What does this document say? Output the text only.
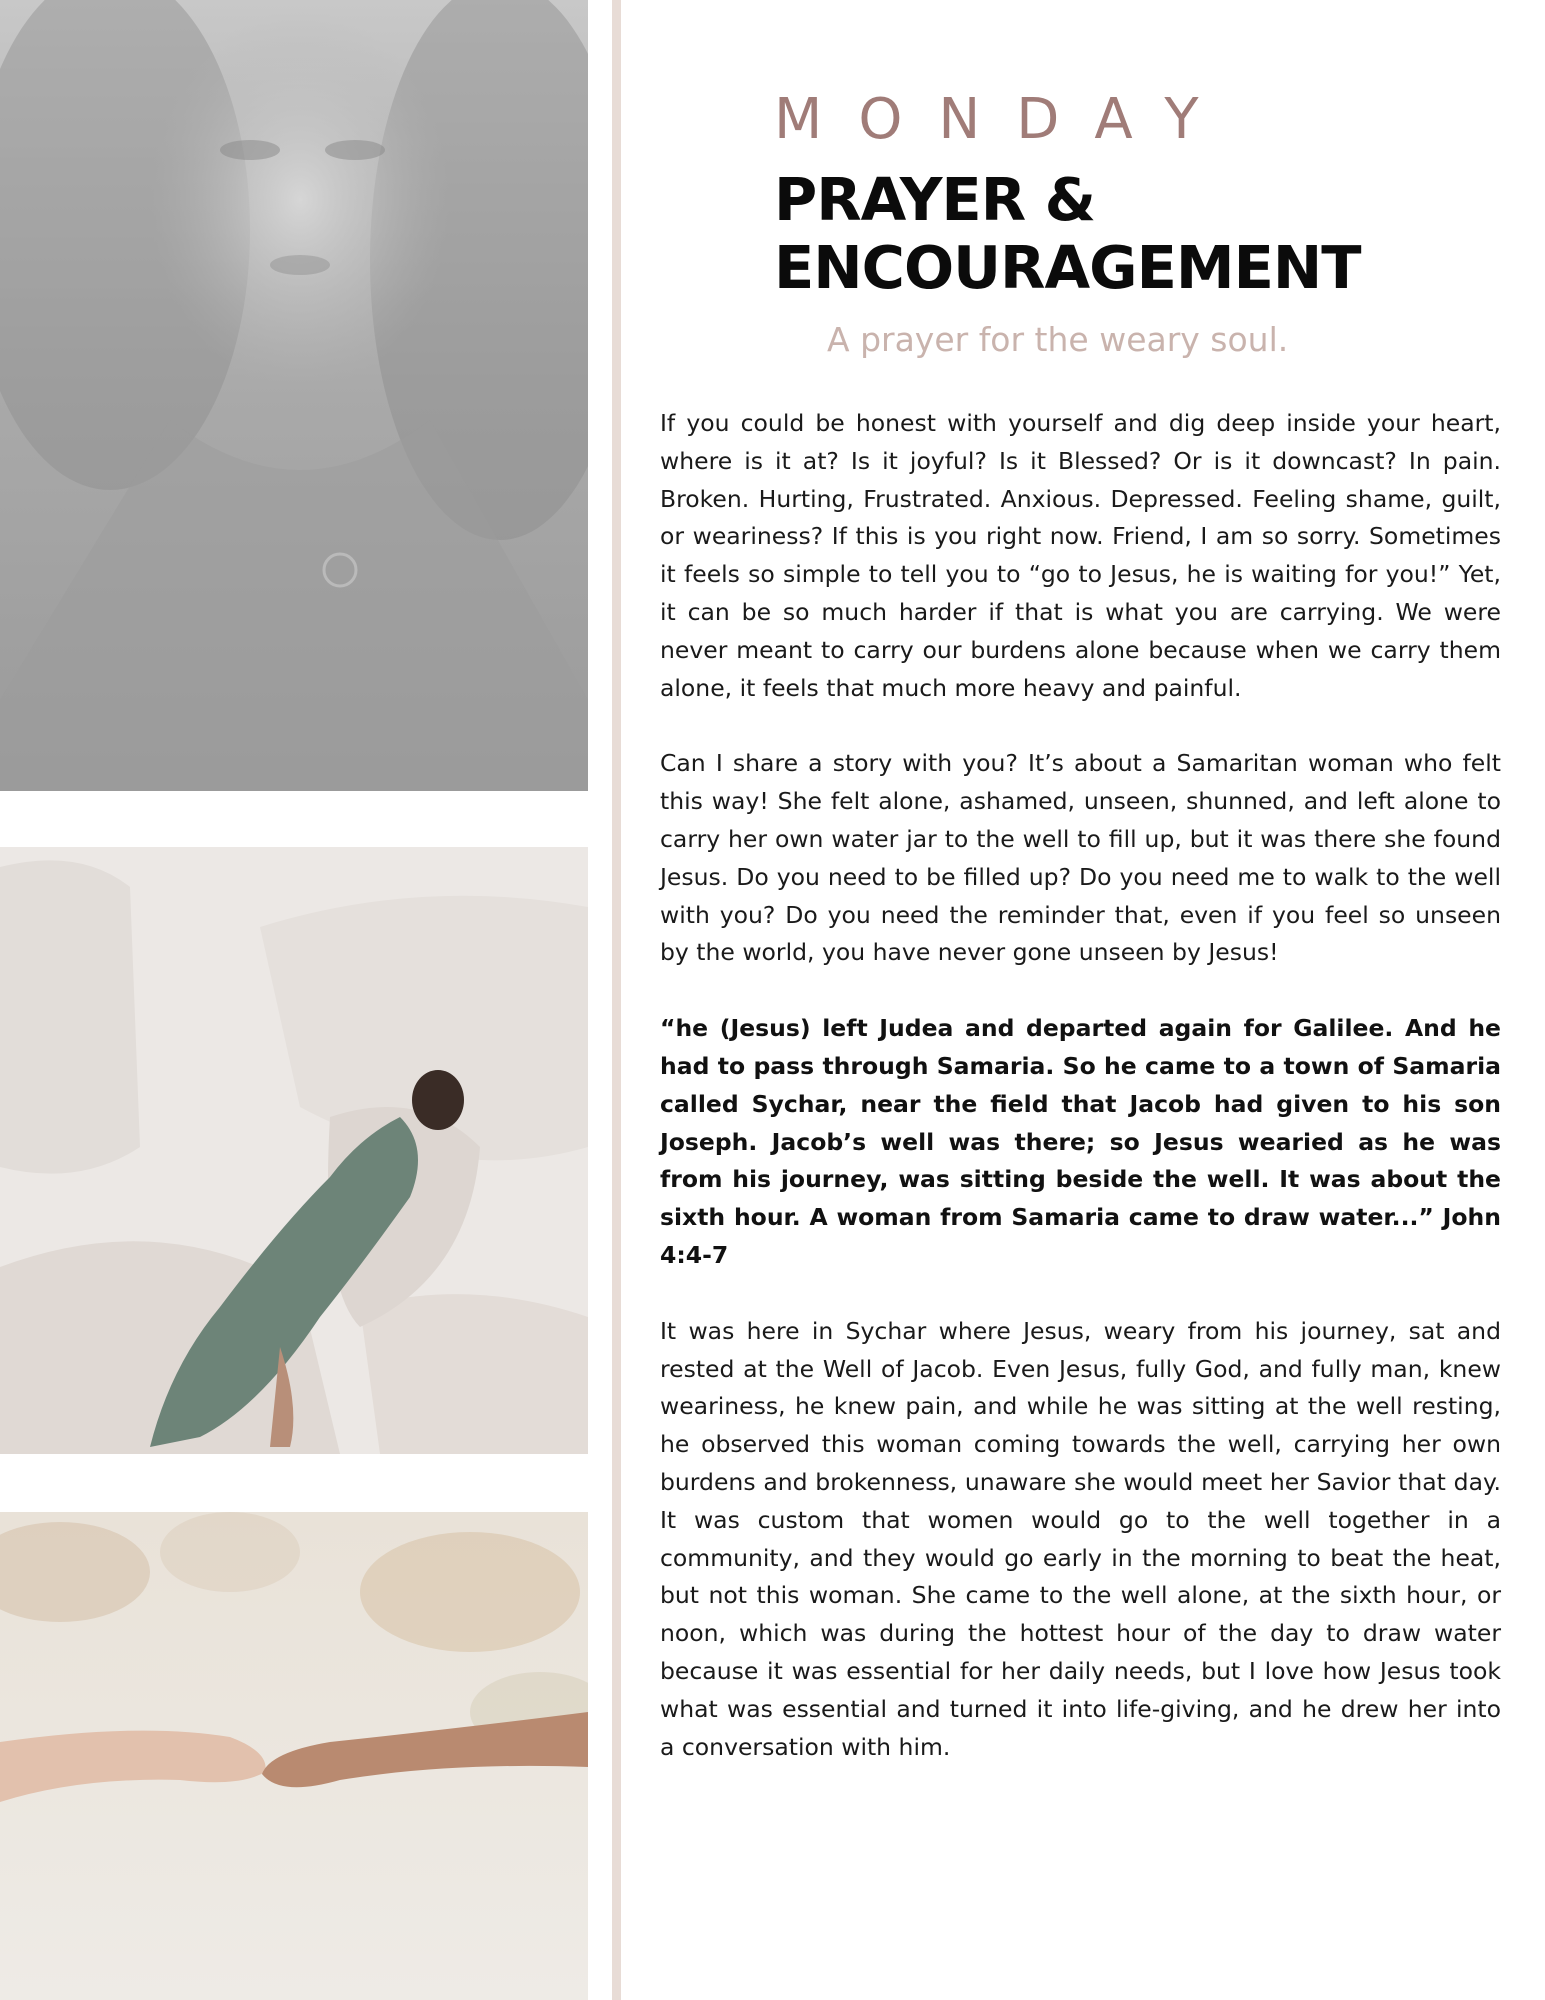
MONDAY
PRAYER &
ENCOURAGEMENT
A prayer for the weary soul.

If you could be honest with yourself and dig deep inside your heart, where is it at? Is it joyful? Is it Blessed? Or is it downcast? In pain. Broken. Hurting, Frustrated. Anxious. Depressed. Feeling shame, guilt, or weariness? If this is you right now. Friend, I am so sorry. Sometimes it feels so simple to tell you to “go to Jesus, he is waiting for you!” Yet, it can be so much harder if that is what you are carrying. We were never meant to carry our burdens alone because when we carry them alone, it feels that much more heavy and painful.

Can I share a story with you? It’s about a Samaritan woman who felt this way! She felt alone, ashamed, unseen, shunned, and left alone to carry her own water jar to the well to fill up, but it was there she found Jesus. Do you need to be filled up? Do you need me to walk to the well with you? Do you need the reminder that, even if you feel so unseen by the world, you have never gone unseen by Jesus!

“he (Jesus) left Judea and departed again for Galilee. And he had to pass through Samaria. So he came to a town of Samaria called Sychar, near the field that Jacob had given to his son Joseph. Jacob’s well was there; so Jesus wearied as he was from his journey, was sitting beside the well. It was about the sixth hour. A woman from Samaria came to draw water...” John 4:4-7

It was here in Sychar where Jesus, weary from his journey, sat and rested at the Well of Jacob. Even Jesus, fully God, and fully man, knew weariness, he knew pain, and while he was sitting at the well resting, he observed this woman coming towards the well, carrying her own burdens and brokenness, unaware she would meet her Savior that day. It was custom that women would go to the well together in a community, and they would go early in the morning to beat the heat, but not this woman. She came to the well alone, at the sixth hour, or noon, which was during the hottest hour of the day to draw water because it was essential for her daily needs, but I love how Jesus took what was essential and turned it into life-giving, and he drew her into a conversation with him.
